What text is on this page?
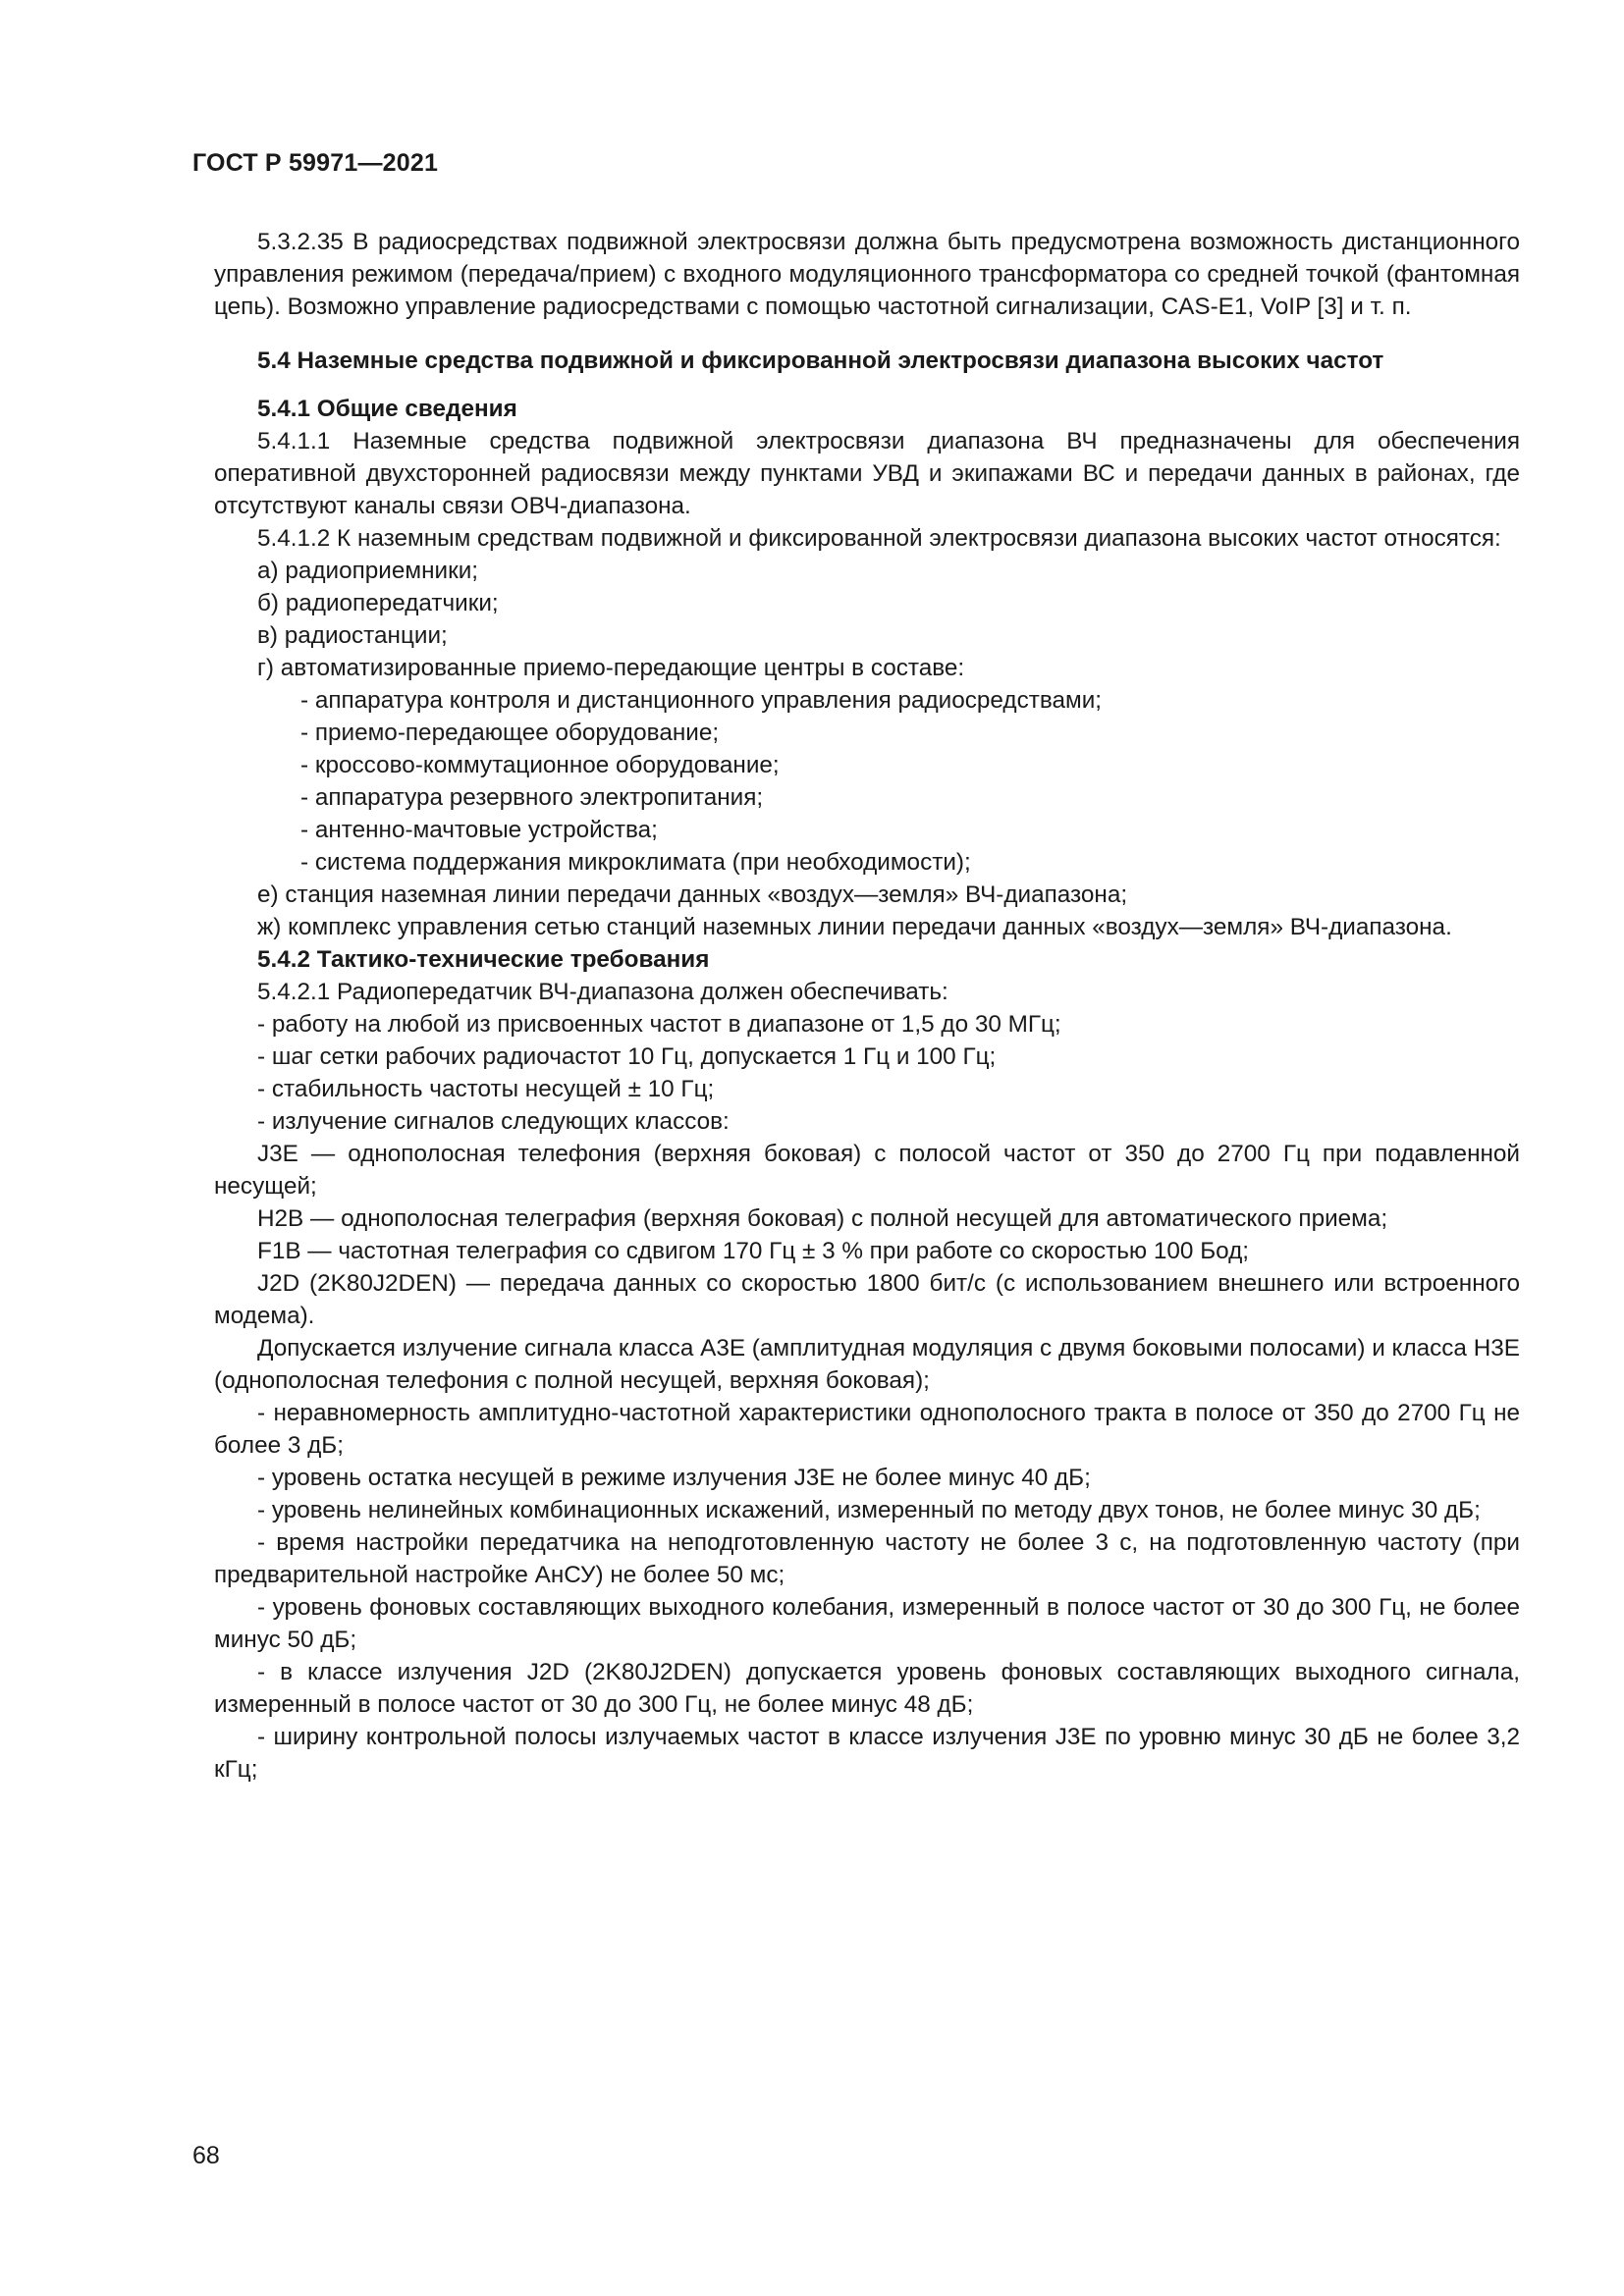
ГОСТ Р 59971—2021

5.3.2.35 В радиосредствах подвижной электросвязи должна быть предусмотрена возможность дистанционного управления режимом (передача/прием) с входного модуляционного трансформатора со средней точкой (фантомная цепь). Возможно управление радиосредствами с помощью частотной сигнализации, CAS-E1, VoIP [3] и т. п.

5.4 Наземные средства подвижной и фиксированной электросвязи диапазона высоких частот

5.4.1 Общие сведения

5.4.1.1 Наземные средства подвижной электросвязи диапазона ВЧ предназначены для обеспечения оперативной двухсторонней радиосвязи между пунктами УВД и экипажами ВС и передачи данных в районах, где отсутствуют каналы связи ОВЧ-диапазона.

5.4.1.2 К наземным средствам подвижной и фиксированной электросвязи диапазона высоких частот относятся:

а) радиоприемники;

б) радиопередатчики;

в) радиостанции;

г) автоматизированные приемо-передающие центры в составе:

- аппаратура контроля и дистанционного управления радиосредствами;

- приемо-передающее оборудование;

- кроссово-коммутационное оборудование;

- аппаратура резервного электропитания;

- антенно-мачтовые устройства;

- система поддержания микроклимата (при необходимости);

е) станция наземная линии передачи данных «воздух—земля» ВЧ-диапазона;

ж) комплекс управления сетью станций наземных линии передачи данных «воздух—земля» ВЧ-диапазона.

5.4.2 Тактико-технические требования

5.4.2.1 Радиопередатчик ВЧ-диапазона должен обеспечивать:

- работу на любой из присвоенных частот в диапазоне от 1,5 до 30 МГц;

- шаг сетки рабочих радиочастот 10 Гц, допускается 1 Гц и 100 Гц;

- стабильность частоты несущей ± 10 Гц;

- излучение сигналов следующих классов:

J3E — однополосная телефония (верхняя боковая) с полосой частот от 350 до 2700 Гц при подавленной несущей;

H2B — однополосная телеграфия (верхняя боковая) с полной несущей для автоматического приема;

F1B — частотная телеграфия со сдвигом 170 Гц ± 3 % при работе со скоростью 100 Бод;

J2D (2K80J2DEN) — передача данных со скоростью 1800 бит/с (с использованием внешнего или встроенного модема).

Допускается излучение сигнала класса A3E (амплитудная модуляция с двумя боковыми полосами) и класса H3E (однополосная телефония с полной несущей, верхняя боковая);

- неравномерность амплитудно-частотной характеристики однополосного тракта в полосе от 350 до 2700 Гц не более 3 дБ;

- уровень остатка несущей в режиме излучения J3E не более минус 40 дБ;

- уровень нелинейных комбинационных искажений, измеренный по методу двух тонов, не более минус 30 дБ;

- время настройки передатчика на неподготовленную частоту не более 3 с, на подготовленную частоту (при предварительной настройке АнСУ) не более 50 мс;

- уровень фоновых составляющих выходного колебания, измеренный в полосе частот от 30 до 300 Гц, не более минус 50 дБ;

- в классе излучения J2D (2K80J2DEN) допускается уровень фоновых составляющих выходного сигнала, измеренный в полосе частот от 30 до 300 Гц, не более минус 48 дБ;

- ширину контрольной полосы излучаемых частот в классе излучения J3E по уровню минус 30 дБ не более 3,2 кГц;

68
